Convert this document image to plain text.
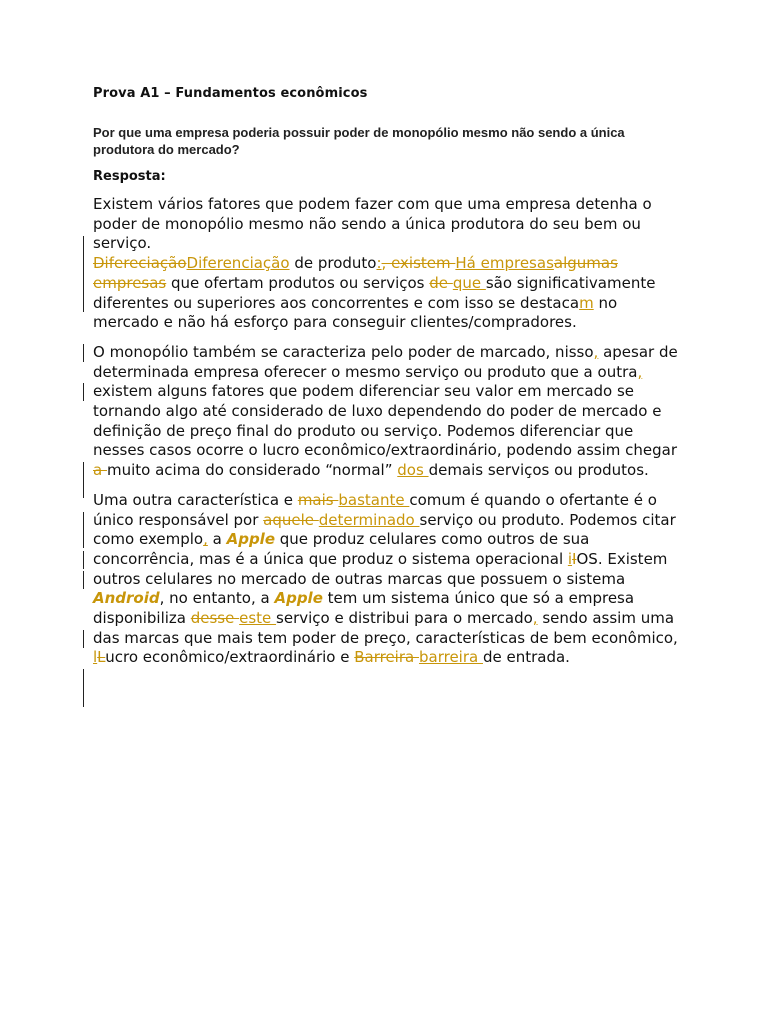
Prova A1 – Fundamentos econômicos
Por que uma empresa poderia possuir poder de monopólio mesmo não sendo a única produtora do mercado?
Resposta:

Existem vários fatores que podem fazer com que uma empresa detenha o poder de monopólio mesmo não sendo a única produtora do seu bem ou serviço.
DifereciaçãoDiferenciação de produto:, existem Há empresasalgumas empresas que ofertam produtos ou serviços de que são significativamente diferentes ou superiores aos concorrentes e com isso se destacam no mercado e não há esforço para conseguir clientes/compradores.

O monopólio também se caracteriza pelo poder de marcado, nisso, apesar de determinada empresa oferecer o mesmo serviço ou produto que a outra, existem alguns fatores que podem diferenciar seu valor em mercado se tornando algo até considerado de luxo dependendo do poder de mercado e definição de preço final do produto ou serviço. Podemos diferenciar que nesses casos ocorre o lucro econômico/extraordinário, podendo assim chegar a muito acima do considerado “normal” dos demais serviços ou produtos.

Uma outra característica e mais bastante comum é quando o ofertante é o único responsável por aquele determinado serviço ou produto. Podemos citar como exemplo, a Apple que produz celulares como outros de sua concorrência, mas é a única que produz o sistema operacional iIOS. Existem outros celulares no mercado de outras marcas que possuem o sistema Android, no entanto, a Apple tem um sistema único que só a empresa disponibiliza desse este serviço e distribui para o mercado, sendo assim uma das marcas que mais tem poder de preço, características de bem econômico, lLucro econômico/extraordinário e Barreira barreira de entrada.
